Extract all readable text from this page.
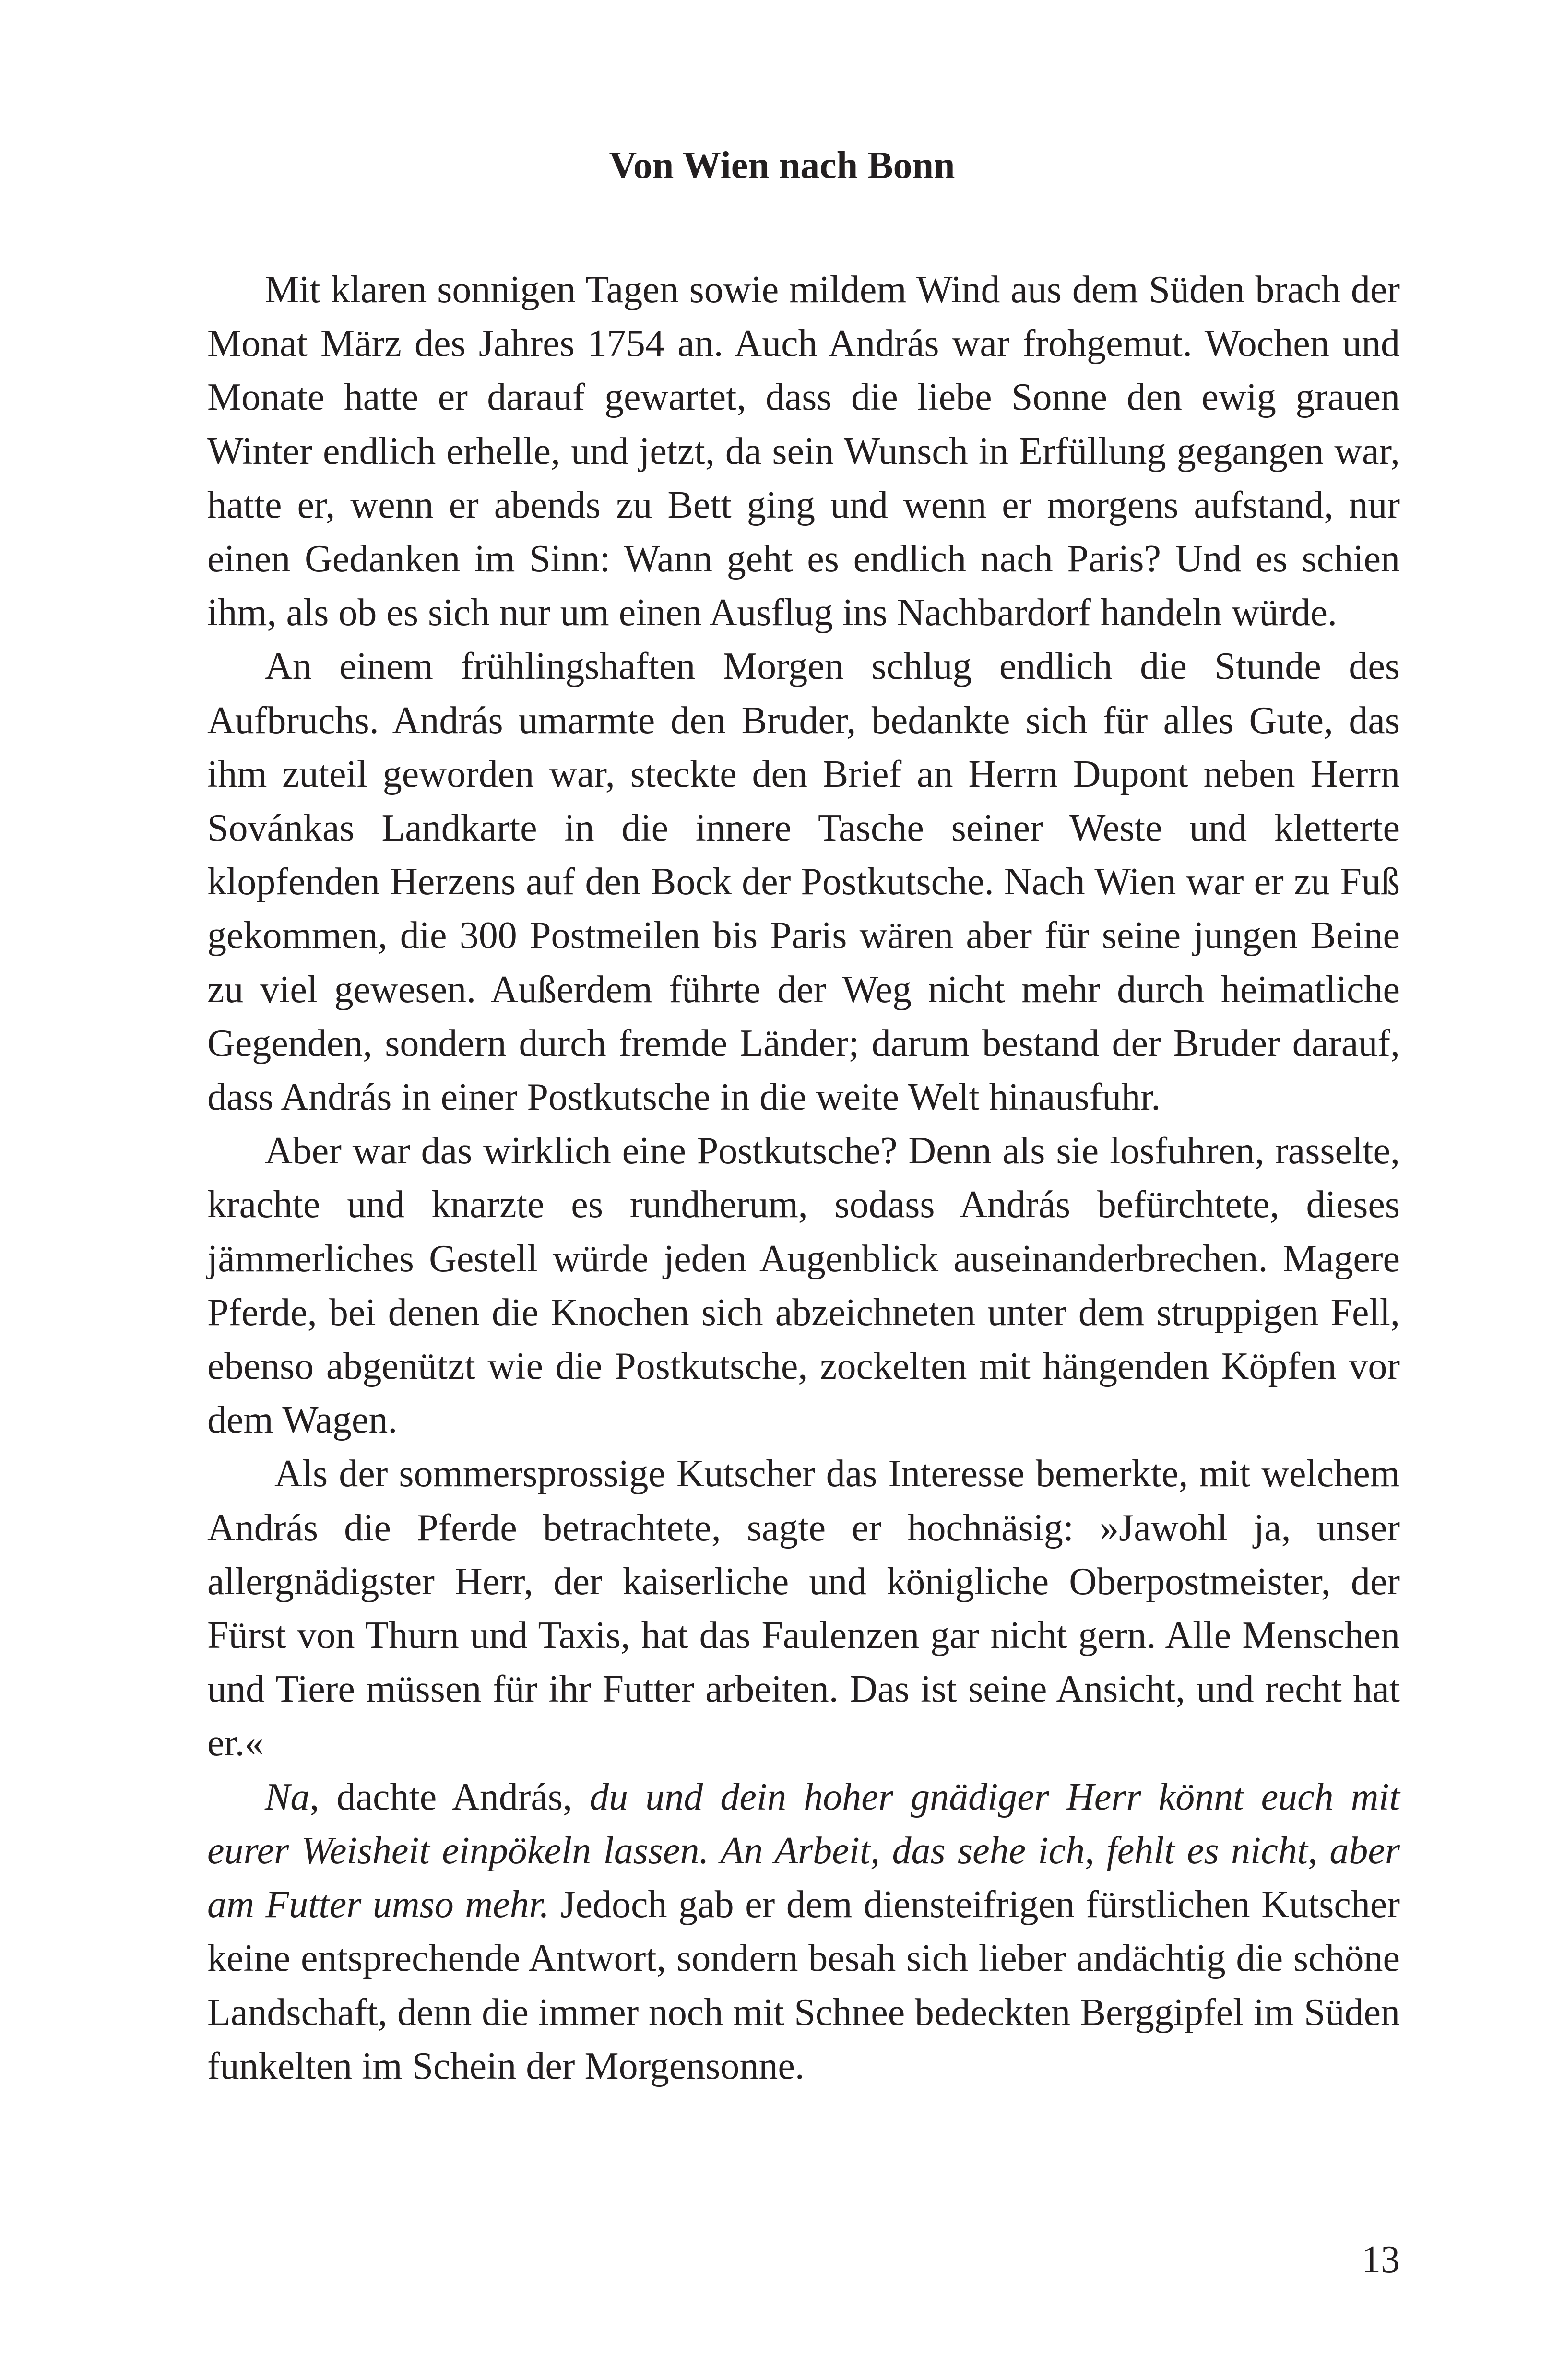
Von Wien nach Bonn

Mit klaren sonnigen Tagen sowie mildem Wind aus dem Süden brach der Monat März des Jahres 1754 an. Auch András war frohgemut. Wochen und Monate hatte er darauf gewartet, dass die liebe Sonne den ewig grauen Winter endlich erhelle, und jetzt, da sein Wunsch in Erfüllung gegangen war, hatte er, wenn er abends zu Bett ging und wenn er morgens aufstand, nur einen Gedanken im Sinn: Wann geht es endlich nach Paris? Und es schien ihm, als ob es sich nur um einen Ausflug ins Nachbardorf handeln würde.

An einem frühlingshaften Morgen schlug endlich die Stunde des Aufbruchs. András umarmte den Bruder, bedankte sich für alles Gute, das ihm zuteil geworden war, steckte den Brief an Herrn Dupont neben Herrn Sovánkas Landkarte in die innere Tasche seiner Weste und kletterte klopfenden Herzens auf den Bock der Postkutsche. Nach Wien war er zu Fuß gekommen, die 300 Postmeilen bis Paris wären aber für seine jungen Beine zu viel gewesen. Außerdem führte der Weg nicht mehr durch heimatliche Gegenden, sondern durch fremde Länder; darum bestand der Bruder darauf, dass András in einer Postkutsche in die weite Welt hinausfuhr.

Aber war das wirklich eine Postkutsche? Denn als sie losfuhren, rasselte, krachte und knarzte es rundherum, sodass András befürchtete, dieses jämmerliches Gestell würde jeden Augenblick auseinanderbrechen. Magere Pferde, bei denen die Knochen sich abzeichneten unter dem struppigen Fell, ebenso abgenützt wie die Postkutsche, zockelten mit hängenden Köpfen vor dem Wagen.

Als der sommersprossige Kutscher das Interesse bemerkte, mit welchem András die Pferde betrachtete, sagte er hochnäsig: »Jawohl ja, unser allergnädigster Herr, der kaiserliche und königliche Oberpostmeister, der Fürst von Thurn und Taxis, hat das Faulenzen gar nicht gern. Alle Menschen und Tiere müssen für ihr Futter arbeiten. Das ist seine Ansicht, und recht hat er.«

Na, dachte András, du und dein hoher gnädiger Herr könnt euch mit eurer Weisheit einpökeln lassen. An Arbeit, das sehe ich, fehlt es nicht, aber am Futter umso mehr. Jedoch gab er dem diensteifrigen fürstlichen Kutscher keine entsprechende Antwort, sondern besah sich lieber andächtig die schöne Landschaft, denn die immer noch mit Schnee bedeckten Berggipfel im Süden funkelten im Schein der Morgensonne.

13
